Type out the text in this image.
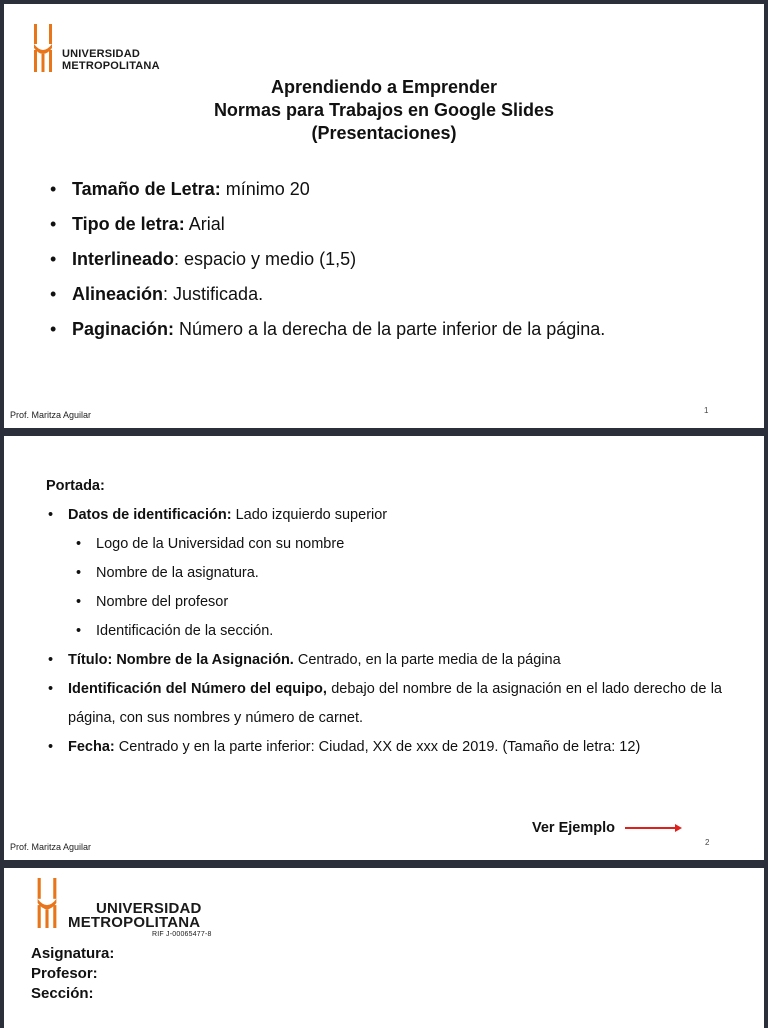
UNIVERSIDAD
METROPOLITANA
Aprendiendo a Emprender
Normas para Trabajos en Google Slides
(Presentaciones)
• Tamaño de Letra: mínimo 20
• Tipo de letra: Arial
• Interlineado: espacio y medio (1,5)
• Alineación: Justificada.
• Paginación: Número a la derecha de la parte inferior de la página.
Prof. Maritza Aguilar	1
Portada:
• Datos de identificación: Lado izquierdo superior
• Logo de la Universidad con su nombre
• Nombre de la asignatura.
• Nombre del profesor
• Identificación de la sección.
• Título: Nombre de la Asignación. Centrado, en la parte media de la página
• Identificación del Número del equipo, debajo del nombre de la asignación en el lado derecho de la página, con sus nombres y número de carnet.
• Fecha: Centrado y en la parte inferior: Ciudad, XX de xxx de 2019. (Tamaño de letra: 12)
Ver Ejemplo
Prof. Maritza Aguilar	2
UNIVERSIDAD
METROPOLITANA
RIF J-00065477-8
Asignatura:
Profesor:
Sección:
